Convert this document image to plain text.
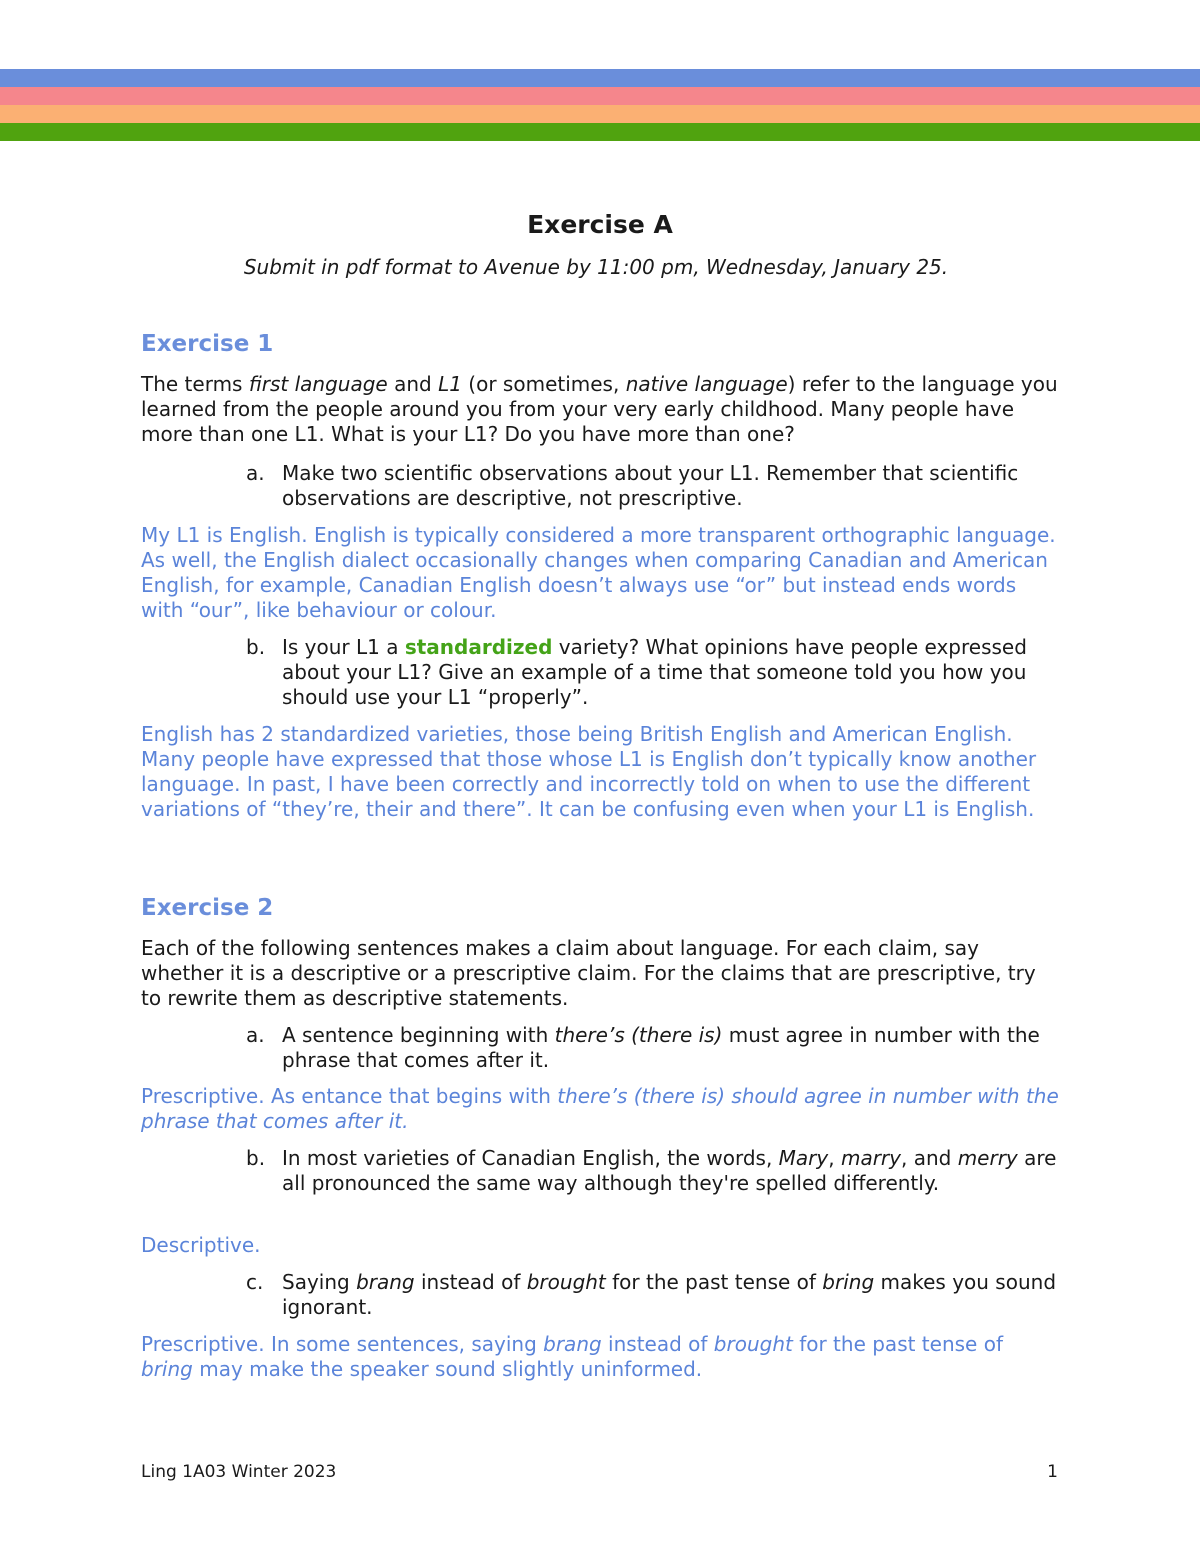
Exercise A

Submit in pdf format to Avenue by 11:00 pm, Wednesday, January 25.

Exercise 1

The terms first language and L1 (or sometimes, native language) refer to the language you learned from the people around you from your very early childhood. Many people have more than one L1. What is your L1? Do you have more than one?

a. Make two scientific observations about your L1. Remember that scientific observations are descriptive, not prescriptive.

My L1 is English. English is typically considered a more transparent orthographic language. As well, the English dialect occasionally changes when comparing Canadian and American English, for example, Canadian English doesn’t always use “or” but instead ends words with “our”, like behaviour or colour.

b. Is your L1 a standardized variety? What opinions have people expressed about your L1? Give an example of a time that someone told you how you should use your L1 “properly”.

English has 2 standardized varieties, those being British English and American English. Many people have expressed that those whose L1 is English don’t typically know another language. In past, I have been correctly and incorrectly told on when to use the different variations of “they’re, their and there”. It can be confusing even when your L1 is English.

Exercise 2

Each of the following sentences makes a claim about language. For each claim, say whether it is a descriptive or a prescriptive claim. For the claims that are prescriptive, try to rewrite them as descriptive statements.

a. A sentence beginning with there’s (there is) must agree in number with the phrase that comes after it.

Prescriptive. As entance that begins with there’s (there is) should agree in number with the phrase that comes after it.

b. In most varieties of Canadian English, the words, Mary, marry, and merry are all pronounced the same way although they're spelled differently.

Descriptive.

c. Saying brang instead of brought for the past tense of bring makes you sound ignorant.

Prescriptive. In some sentences, saying brang instead of brought for the past tense of bring may make the speaker sound slightly uninformed.

Ling 1A03 Winter 2023	1
